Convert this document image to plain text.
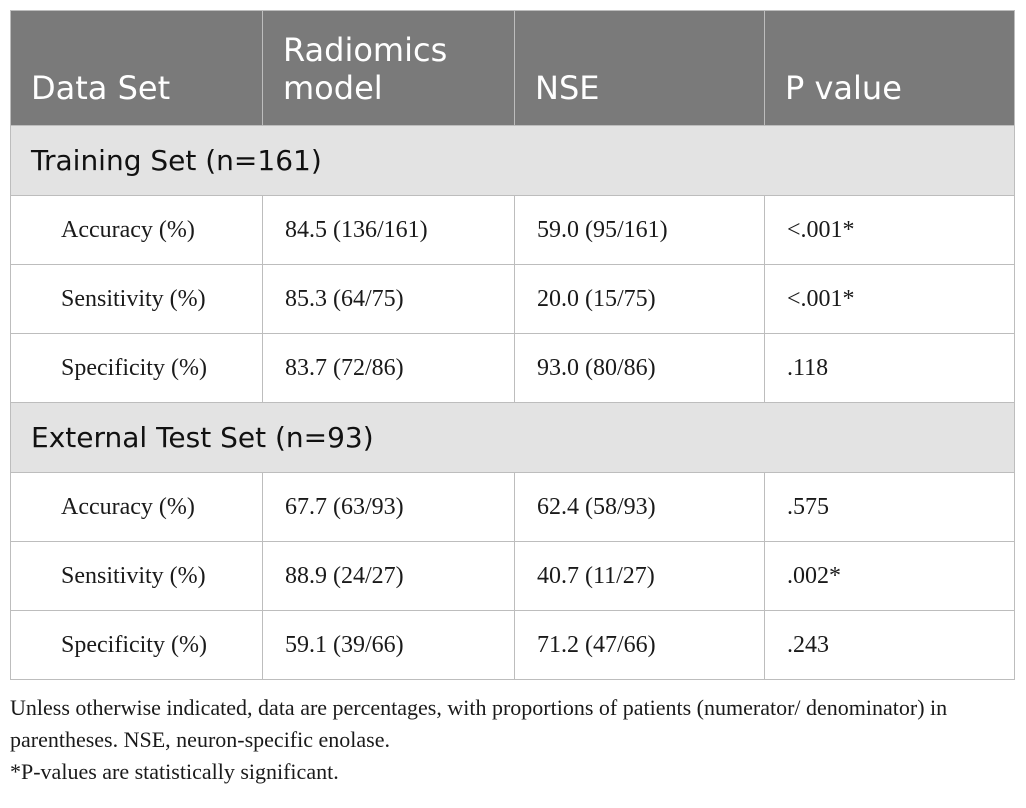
Data Set	Radiomics model	NSE	P value
Training Set (n=161)			
Accuracy (%)	84.5 (136/161)	59.0 (95/161)	<.001*
Sensitivity (%)	85.3 (64/75)	20.0 (15/75)	<.001*
Specificity (%)	83.7 (72/86)	93.0 (80/86)	.118
External Test Set (n=93)			
Accuracy (%)	67.7 (63/93)	62.4 (58/93)	.575
Sensitivity (%)	88.9 (24/27)	40.7 (11/27)	.002*
Specificity (%)	59.1 (39/66)	71.2 (47/66)	.243

Unless otherwise indicated, data are percentages, with proportions of patients (numerator/ denominator) in parentheses. NSE, neuron-specific enolase.

*P-values are statistically significant.
